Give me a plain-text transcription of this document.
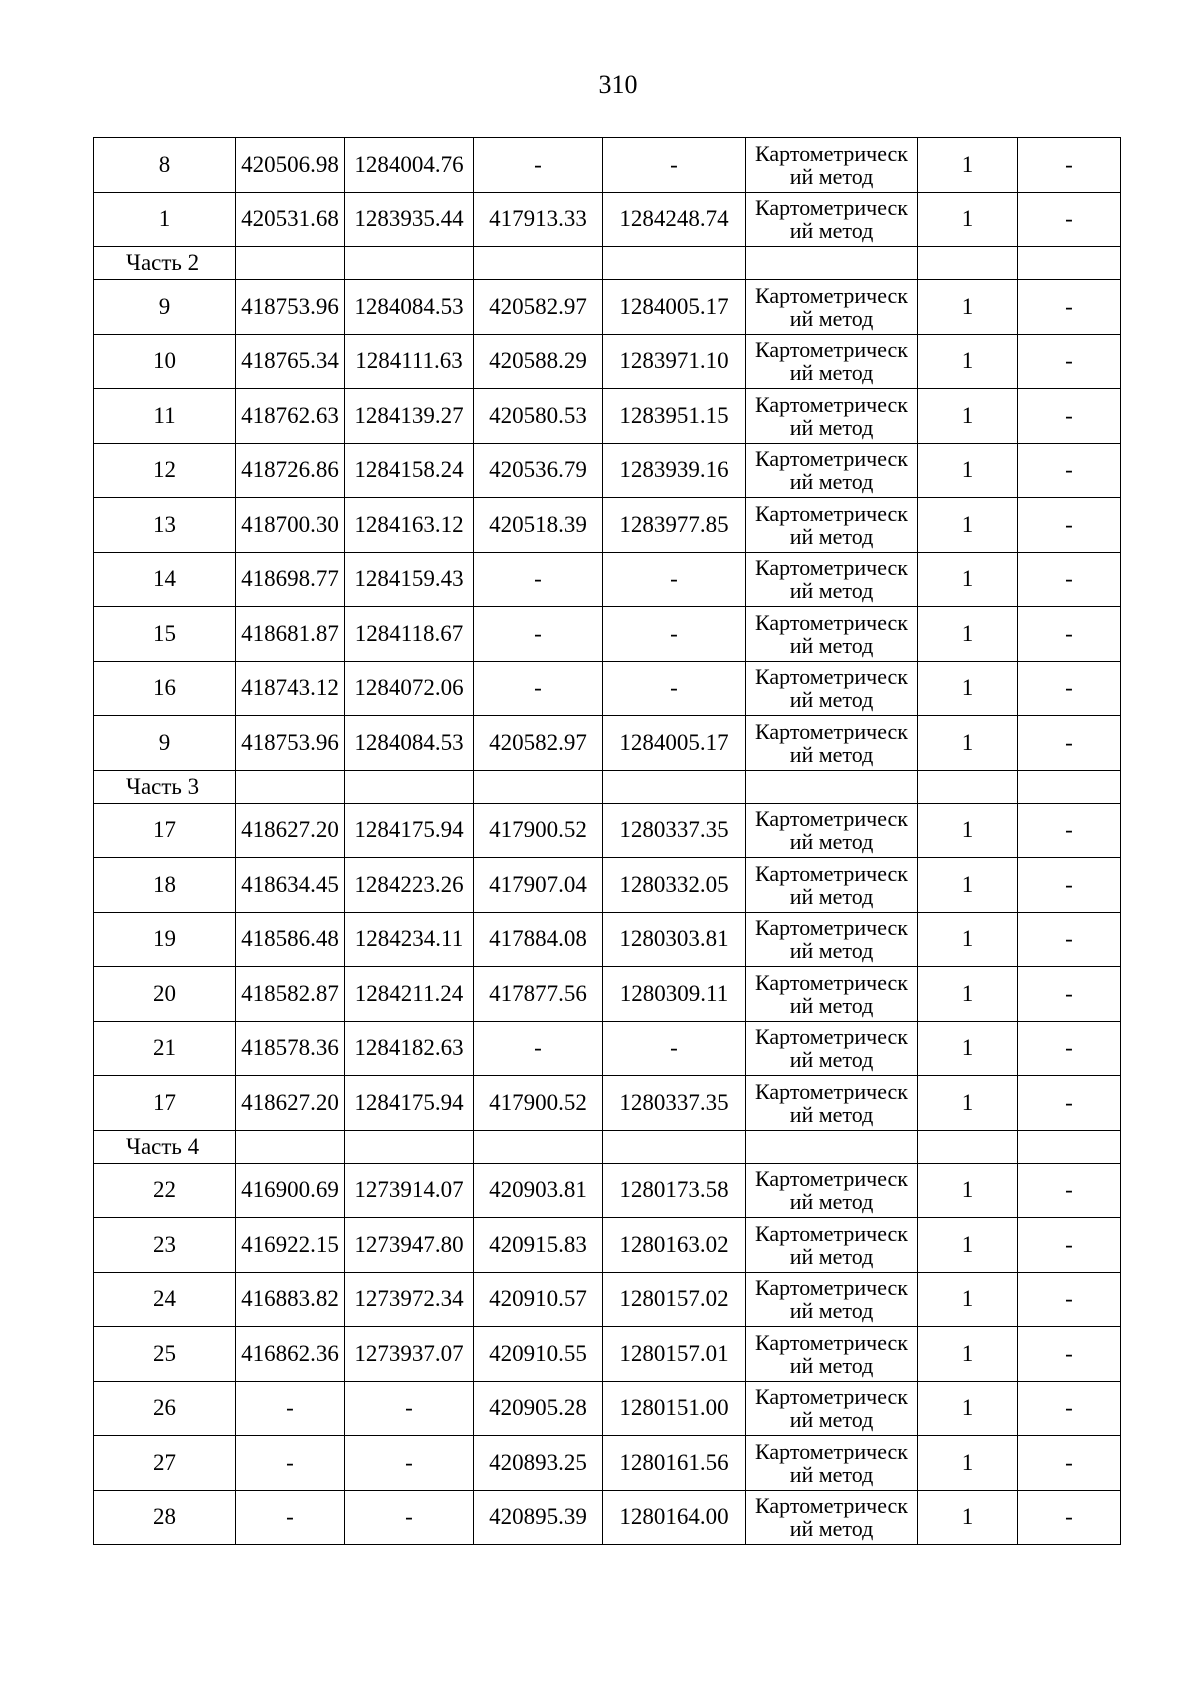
310
8	420506.98	1284004.76	-	-	Картометрическ
ий метод	1	-
1	420531.68	1283935.44	417913.33	1284248.74	Картометрическ
ий метод	1	-
Часть 2							
9	418753.96	1284084.53	420582.97	1284005.17	Картометрическ
ий метод	1	-
10	418765.34	1284111.63	420588.29	1283971.10	Картометрическ
ий метод	1	-
11	418762.63	1284139.27	420580.53	1283951.15	Картометрическ
ий метод	1	-
12	418726.86	1284158.24	420536.79	1283939.16	Картометрическ
ий метод	1	-
13	418700.30	1284163.12	420518.39	1283977.85	Картометрическ
ий метод	1	-
14	418698.77	1284159.43	-	-	Картометрическ
ий метод	1	-
15	418681.87	1284118.67	-	-	Картометрическ
ий метод	1	-
16	418743.12	1284072.06	-	-	Картометрическ
ий метод	1	-
9	418753.96	1284084.53	420582.97	1284005.17	Картометрическ
ий метод	1	-
Часть 3							
17	418627.20	1284175.94	417900.52	1280337.35	Картометрическ
ий метод	1	-
18	418634.45	1284223.26	417907.04	1280332.05	Картометрическ
ий метод	1	-
19	418586.48	1284234.11	417884.08	1280303.81	Картометрическ
ий метод	1	-
20	418582.87	1284211.24	417877.56	1280309.11	Картометрическ
ий метод	1	-
21	418578.36	1284182.63	-	-	Картометрическ
ий метод	1	-
17	418627.20	1284175.94	417900.52	1280337.35	Картометрическ
ий метод	1	-
Часть 4							
22	416900.69	1273914.07	420903.81	1280173.58	Картометрическ
ий метод	1	-
23	416922.15	1273947.80	420915.83	1280163.02	Картометрическ
ий метод	1	-
24	416883.82	1273972.34	420910.57	1280157.02	Картометрическ
ий метод	1	-
25	416862.36	1273937.07	420910.55	1280157.01	Картометрическ
ий метод	1	-
26	-	-	420905.28	1280151.00	Картометрическ
ий метод	1	-
27	-	-	420893.25	1280161.56	Картометрическ
ий метод	1	-
28	-	-	420895.39	1280164.00	Картометрическ
ий метод	1	-
